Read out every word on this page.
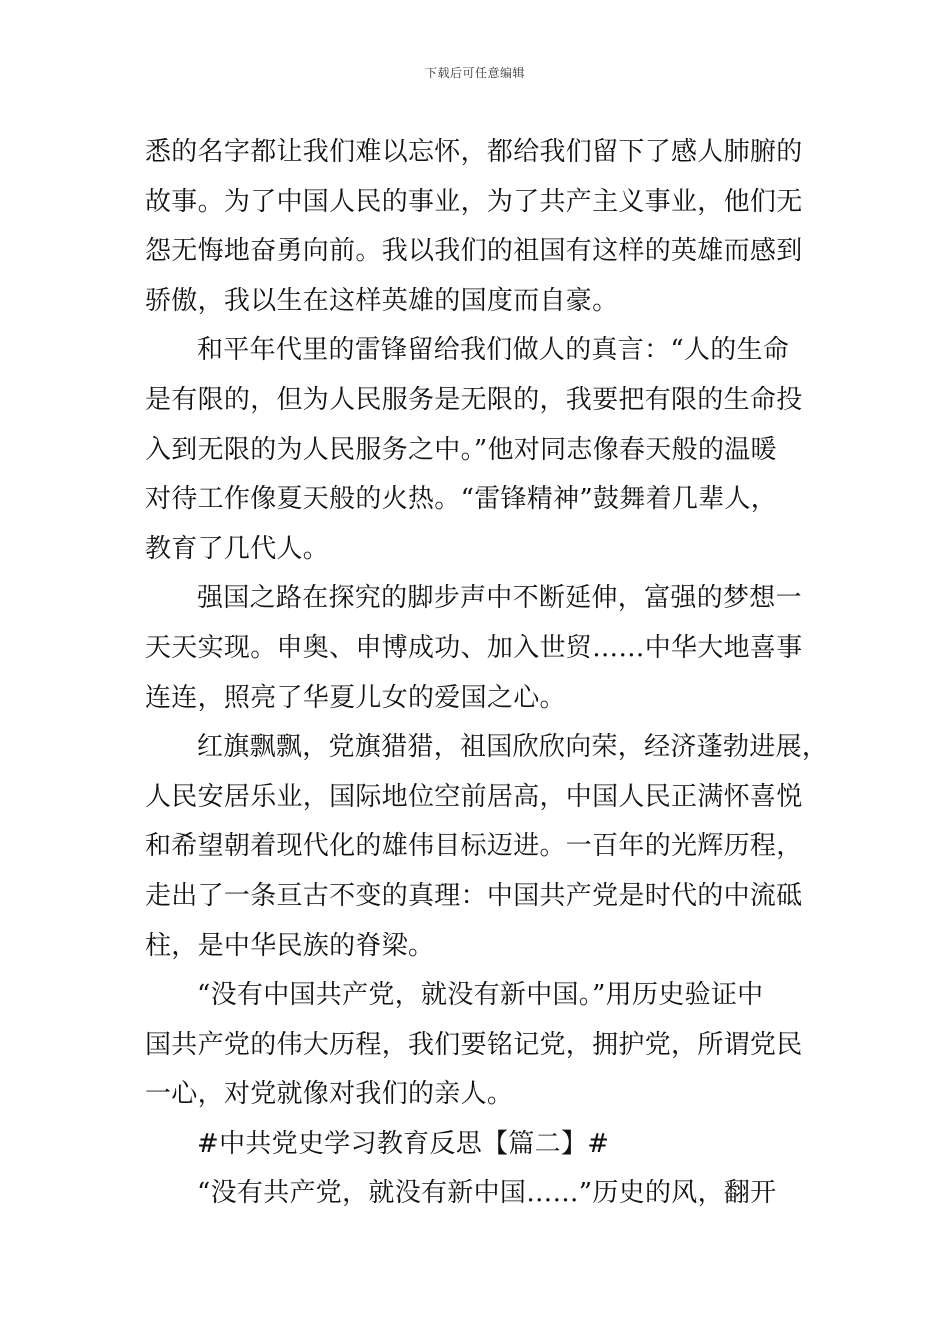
下载后可任意编辑
悉的名字都让我们难以忘怀，都给我们留下了感人肺腑的
故事。为了中国人民的事业，为了共产主义事业，他们无
怨无悔地奋勇向前。我以我们的祖国有这样的英雄而感到
骄傲，我以生在这样英雄的国度而自豪。
和平年代里的雷锋留给我们做人的真言：“人的生命
是有限的，但为人民服务是无限的，我要把有限的生命投
入到无限的为人民服务之中。”他对同志像春天般的温暖
对待工作像夏天般的火热。“雷锋精神”鼓舞着几辈人，
教育了几代人。
强国之路在探究的脚步声中不断延伸，富强的梦想一
天天实现。申奥、申博成功、加入世贸……中华大地喜事
连连，照亮了华夏儿女的爱国之心。
红旗飘飘，党旗猎猎，祖国欣欣向荣，经济蓬勃进展，
人民安居乐业，国际地位空前居高，中国人民正满怀喜悦
和希望朝着现代化的雄伟目标迈进。一百年的光辉历程，
走出了一条亘古不变的真理：中国共产党是时代的中流砥
柱，是中华民族的脊梁。
“没有中国共产党，就没有新中国。”用历史验证中
国共产党的伟大历程，我们要铭记党，拥护党，所谓党民
一心，对党就像对我们的亲人。
#中共党史学习教育反思【篇二】#
“没有共产党，就没有新中国……”历史的风，翻开
